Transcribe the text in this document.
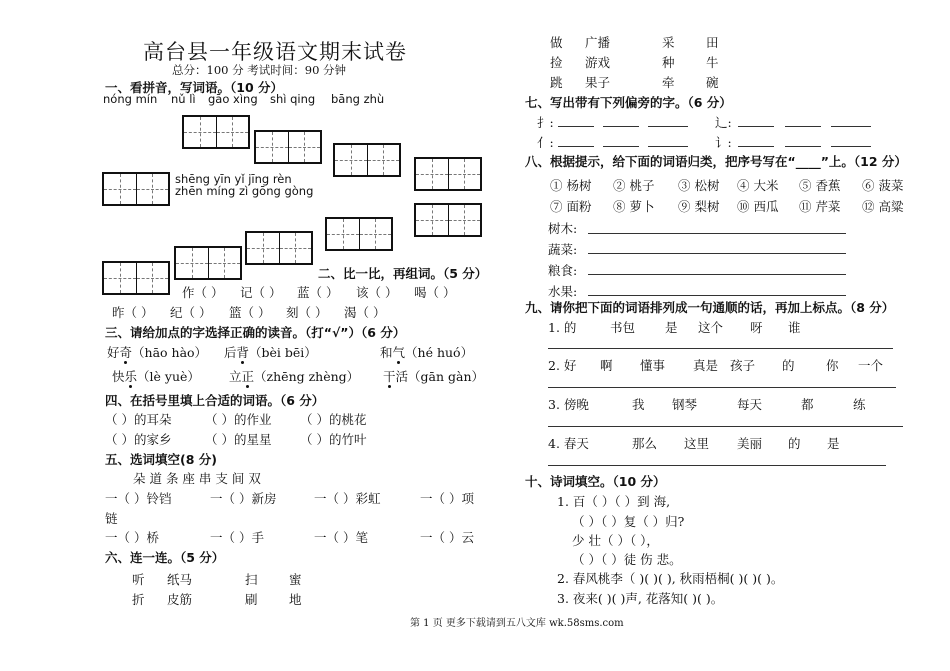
高台县一年级语文期末试卷
总分：100 分 考试时间：90 分钟
一、看拼音，写词语。（10 分）
nóng mín nǔ lì gāo xìng shì qing bāng zhù
shēng yīn yǐ jīng rèn
zhēn míng zì gōng gòng
二、比一比，再组词。（5 分）
作（ ） 记（ ） 蓝（ ） 该（ ） 喝（ ）
昨（ ） 纪（ ） 篮（ ） 刻（ ） 渴（ ）
三、请给加点的字选择正确的读音。（打“√”）（6 分）
好奇（hāo hào） 后背（bèi bēi）	和气（hé huó）
快乐（lè yuè） 立正（zhēng zhèng） 干活（gān gàn）
四、在括号里填上合适的词语。（6 分）
（ ）的耳朵	（ ）的作业 （ ）的桃花
（ ）的家乡	（ ）的星星 （ ）的竹叶
五、选词填空(8 分)
朵 道 条 座 串 支 间 双
一（ ）铃铛	一（ ）新房	一（ ）彩虹	一（ ）项
链
一（ ）桥	一（ ）手	一（ ）笔	一（ ）云
六、连一连。（5 分）
听 纸马	扫	蜜
折 皮筋	刷	地
做 广播	采	田
捡 游戏	种	牛
跳 果子	牵	碗
七、写出带有下列偏旁的字。（6 分）
扌:	辶:
亻:	讠:
八、根据提示，给下面的词语归类，把序号写在“____”上。（12 分）
① 杨树 ② 桃子 ③ 松树 ④ 大米 ⑤ 香蕉 ⑥ 菠菜
⑦ 面粉 ⑧ 萝卜 ⑨ 梨树 ⑩ 西瓜 ⑪ 芹菜 ⑫ 高粱
树木:
蔬菜:
粮食:
水果:
九、请你把下面的词语排列成一句通顺的话，再加上标点。（8 分）
1. 的	书包 是 这个 呀 谁
2. 好 啊 懂事 真是 孩子 的	你 一个
3. 傍晚	我 钢琴	每天	都	练
4. 春天	那么 这里 美丽 的 是
十、诗词填空。（10 分）
1. 百（ ）（ ）到 海,
（ ）（ ）复（ ）归?
少 壮（ ）（ ），
（ ）（ ）徒 伤 悲。
2. 春风桃李（ )( )( ), 秋雨梧桐( )( )( )。
3. 夜来( )( )声, 花落知( )( )。
第 1 页 更多下载请到五八文库 wk.58sms.com
